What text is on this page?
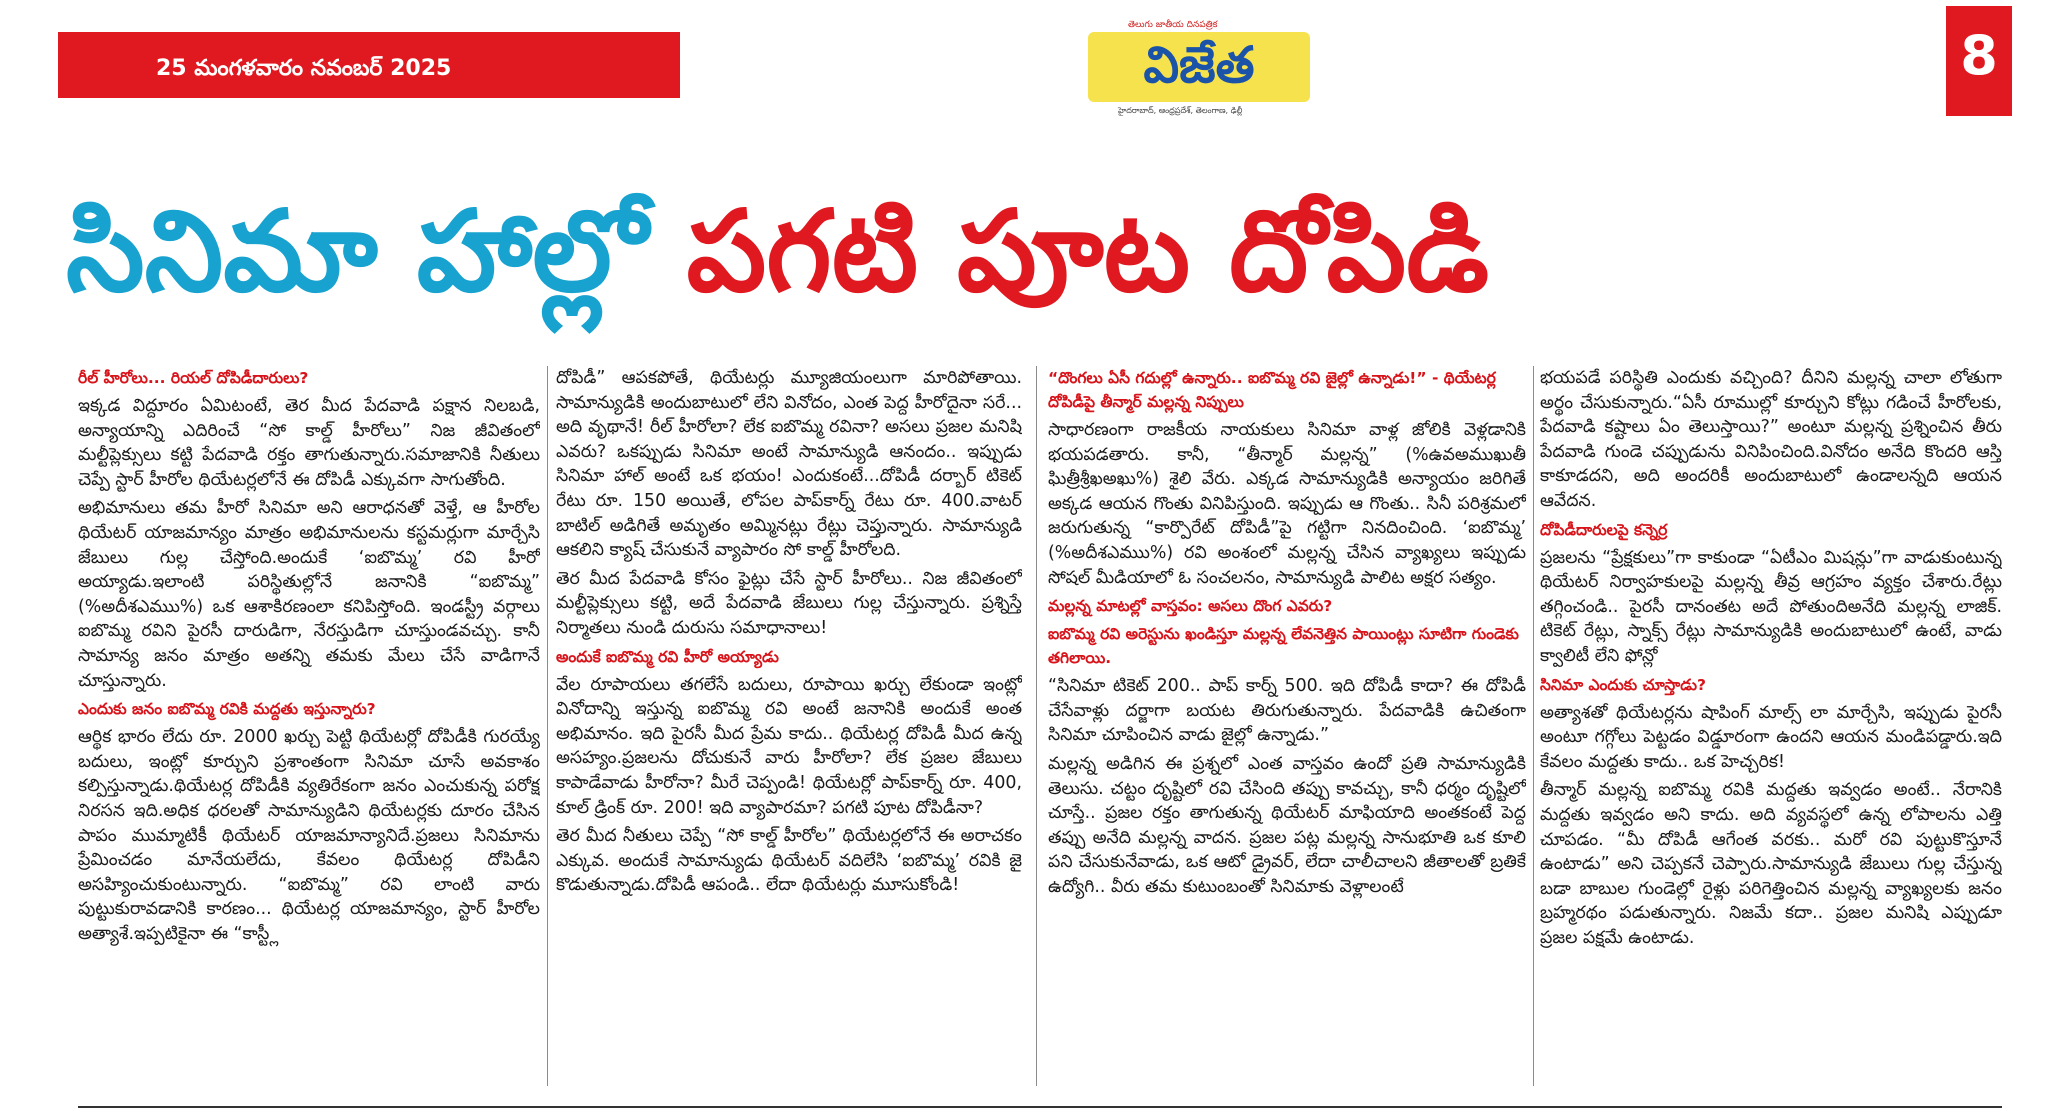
25 మంగళవారం నవంబర్ 2025
తెలుగు జాతీయ దినపత్రిక
విజేత
హైదరాబాద్, ఆంధ్రప్రదేశ్, తెలంగాణ, ఢిల్లీ
8
సినిమా హాల్లో పగటి పూట దోపిడి
రీల్ హీరోలు... రియల్ దోపిడీదారులు?

ఇక్కడ విద్దూరం ఏమిటంటే, తెర మీద పేదవాడి పక్షాన నిలబడి, అన్యాయాన్ని ఎదిరించే “సో కాల్డ్ హీరోలు” నిజ జీవితంలో మల్టీప్లెక్సులు కట్టి పేదవాడి రక్తం తాగుతున్నారు.సమాజానికి నీతులు చెప్పే స్టార్ హీరోల థియేటర్లలోనే ఈ దోపిడీ ఎక్కువగా సాగుతోంది.

అభిమానులు తమ హీరో సినిమా అని ఆరాధనతో వెళ్తే, ఆ హీరోల థియేటర్ యాజమాన్యం మాత్రం అభిమానులను కస్టమర్లుగా మార్చేసి జేబులు గుల్ల చేస్తోంది.అందుకే ‘ఐబొమ్మ’ రవి హీరో అయ్యాడు.ఇలాంటి పరిస్థితుల్లోనే జనానికి “ఐబొమ్మ” (%అదీశఎముు%) ఒక ఆశాకిరణంలా కనిపిస్తోంది. ఇండస్ట్రీ వర్గాలు ఐబొమ్మ రవిని పైరసీ దారుడిగా, నేరస్తుడిగా చూస్తుండవచ్చు. కానీ సామాన్య జనం మాత్రం అతన్ని తమకు మేలు చేసే వాడిగానే చూస్తున్నారు.

ఎందుకు జనం ఐబొమ్మ రవికి మద్దతు ఇస్తున్నారు?

ఆర్థిక భారం లేదు రూ. 2000 ఖర్చు పెట్టి థియేటర్లో దోపిడీకి గురయ్యే బదులు, ఇంట్లో కూర్చుని ప్రశాంతంగా సినిమా చూసే అవకాశం కల్పిస్తున్నాడు.థియేటర్ల దోపిడీకి వ్యతిరేకంగా జనం ఎంచుకున్న పరోక్ష నిరసన ఇది.అధిక ధరలతో సామాన్యుడిని థియేటర్లకు దూరం చేసిన పాపం ముమ్మాటికీ థియేటర్ యాజమాన్యానిదే.ప్రజలు సినిమాను ప్రేమించడం మానేయలేదు, కేవలం థియేటర్ల దోపిడీని అసహ్యించుకుంటున్నారు. “ఐబొమ్మ” రవి లాంటి వారు పుట్టుకురావడానికి కారణం... థియేటర్ల యాజమాన్యం, స్టార్ హీరోల అత్యాశే.ఇప్పటికైనా ఈ “కాస్ట్లీ

దోపిడీ” ఆపకపోతే, థియేటర్లు మ్యూజియంలుగా మారిపోతాయి. సామాన్యుడికి అందుబాటులో లేని వినోదం, ఎంత పెద్ద హీరోదైనా సరే... అది వృథానే! రీల్ హీరోలా? లేక ఐబొమ్మ రవినా? అసలు ప్రజల మనిషి ఎవరు? ఒకప్పుడు సినిమా అంటే సామాన్యుడి ఆనందం.. ఇప్పుడు సినిమా హాల్ అంటే ఒక భయం! ఎందుకంటే...దోపిడీ దర్బార్ టికెట్ రేటు రూ. 150 అయితే, లోపల పాప్‌కార్న్ రేటు రూ. 400.వాటర్ బాటిల్ అడిగితే అమృతం అమ్మినట్లు రేట్లు చెప్తున్నారు. సామాన్యుడి ఆకలిని క్యాష్ చేసుకునే వ్యాపారం సో కాల్డ్ హీరోలది.

తెర మీద పేదవాడి కోసం ఫైట్లు చేసే స్టార్ హీరోలు.. నిజ జీవితంలో మల్టీప్లెక్సులు కట్టి, అదే పేదవాడి జేబులు గుల్ల చేస్తున్నారు. ప్రశ్నిస్తే నిర్మాతలు నుండి దురుసు సమాధానాలు!

అందుకే ఐబొమ్మ రవి హీరో అయ్యాడు

వేల రూపాయలు తగలేసే బదులు, రూపాయి ఖర్చు లేకుండా ఇంట్లో వినోదాన్ని ఇస్తున్న ఐబొమ్మ రవి అంటే జనానికి అందుకే అంత అభిమానం. ఇది పైరసీ మీద ప్రేమ కాదు.. థియేటర్ల దోపిడీ మీద ఉన్న అసహ్యం.ప్రజలను దోచుకునే వారు హీరోలా? లేక ప్రజల జేబులు కాపాడేవాడు హీరోనా? మీరే చెప్పండి! థియేటర్లో పాప్‌కార్న్ రూ. 400, కూల్ డ్రింక్ రూ. 200! ఇది వ్యాపారమా? పగటి పూట దోపిడీనా?

తెర మీద నీతులు చెప్పే “సో కాల్డ్ హీరోల” థియేటర్లలోనే ఈ అరాచకం ఎక్కువ. అందుకే సామాన్యుడు థియేటర్ వదిలేసి ‘ఐబొమ్మ’ రవికి జై కొడుతున్నాడు.దోపిడీ ఆపండి.. లేదా థియేటర్లు మూసుకోండి!

“దొంగలు ఏసీ గదుల్లో ఉన్నారు.. ఐబొమ్మ రవి జైల్లో ఉన్నాడు!” - థియేటర్ల దోపిడీపై తీన్మార్ మల్లన్న నిప్పులు

సాధారణంగా రాజకీయ నాయకులు సినిమా వాళ్ల జోలికి వెళ్లడానికి భయపడతారు. కానీ, “తీన్మార్ మల్లన్న” (%ఉవఅముఖుతీ ఘిత్రీశ్రీఖఅఖు%) శైలి వేరు. ఎక్కడ సామాన్యుడికి అన్యాయం జరిగితే అక్కడ ఆయన గొంతు వినిపిస్తుంది. ఇప్పుడు ఆ గొంతు.. సినీ పరిశ్రమలో జరుగుతున్న “కార్పొరేట్ దోపిడీ”పై గట్టిగా నినదించింది. ‘ఐబొమ్మ’ (%అదీశఎముు%) రవి అంశంలో మల్లన్న చేసిన వ్యాఖ్యలు ఇప్పుడు సోషల్ మీడియాలో ఓ సంచలనం, సామాన్యుడి పాలిట అక్షర సత్యం.

మల్లన్న మాటల్లో వాస్తవం: అసలు దొంగ ఎవరు?
ఐబొమ్మ రవి అరెస్టును ఖండిస్తూ మల్లన్న లేవనెత్తిన పాయింట్లు సూటిగా గుండెకు తగిలాయి.

“సినిమా టికెట్ 200.. పాప్ కార్న్ 500. ఇది దోపిడీ కాదా? ఈ దోపిడీ చేసేవాళ్లు దర్జాగా బయట తిరుగుతున్నారు. పేదవాడికి ఉచితంగా సినిమా చూపించిన వాడు జైల్లో ఉన్నాడు.”

మల్లన్న అడిగిన ఈ ప్రశ్నలో ఎంత వాస్తవం ఉందో ప్రతి సామాన్యుడికి తెలుసు. చట్టం దృష్టిలో రవి చేసింది తప్పు కావచ్చు, కానీ ధర్మం దృష్టిలో చూస్తే.. ప్రజల రక్తం తాగుతున్న థియేటర్ మాఫియాది అంతకంటే పెద్ద తప్పు అనేది మల్లన్న వాదన. ప్రజల పట్ల మల్లన్న సానుభూతి ఒక కూలి పని చేసుకునేవాడు, ఒక ఆటో డ్రైవర్, లేదా చాలీచాలని జీతాలతో బ్రతికే ఉద్యోగి.. వీరు తమ కుటుంబంతో సినిమాకు వెళ్లాలంటే

భయపడే పరిస్థితి ఎందుకు వచ్చింది? దీనిని మల్లన్న చాలా లోతుగా అర్థం చేసుకున్నారు.“ఏసీ రూముల్లో కూర్చుని కోట్లు గడించే హీరోలకు, పేదవాడి కష్టాలు ఏం తెలుస్తాయి?” అంటూ మల్లన్న ప్రశ్నించిన తీరు పేదవాడి గుండె చప్పుడును వినిపించింది.వినోదం అనేది కొందరి ఆస్తి కాకూడదని, అది అందరికీ అందుబాటులో ఉండాలన్నది ఆయన ఆవేదన.

దోపిడీదారులపై కన్నెర్ర

ప్రజలను “ప్రేక్షకులు”గా కాకుండా “ఏటీఎం మిషన్లు”గా వాడుకుంటున్న థియేటర్ నిర్వాహకులపై మల్లన్న తీవ్ర ఆగ్రహం వ్యక్తం చేశారు.రేట్లు తగ్గించండి.. పైరసీ దానంతట అదే పోతుందిఅనేది మల్లన్న లాజిక్. టికెట్ రేట్లు, స్నాక్స్ రేట్లు సామాన్యుడికి అందుబాటులో ఉంటే, వాడు క్వాలిటీ లేని ఫోన్లో

సినిమా ఎందుకు చూస్తాడు?

అత్యాశతో థియేటర్లను షాపింగ్ మాల్స్ లా మార్చేసి, ఇప్పుడు పైరసీ అంటూ గగ్గోలు పెట్టడం విడ్డూరంగా ఉందని ఆయన మండిపడ్డారు.ఇది కేవలం మద్దతు కాదు.. ఒక హెచ్చరిక!

తీన్మార్ మల్లన్న ఐబొమ్మ రవికి మద్దతు ఇవ్వడం అంటే.. నేరానికి మద్దతు ఇవ్వడం అని కాదు. అది వ్యవస్థలో ఉన్న లోపాలను ఎత్తి చూపడం. “మీ దోపిడీ ఆగేంత వరకు.. మరో రవి పుట్టుకొస్తూనే ఉంటాడు” అని చెప్పకనే చెప్పారు.సామాన్యుడి జేబులు గుల్ల చేస్తున్న బడా బాబుల గుండెల్లో రైళ్లు పరిగెత్తించిన మల్లన్న వ్యాఖ్యలకు జనం బ్రహ్మరథం పడుతున్నారు. నిజమే కదా.. ప్రజల మనిషి ఎప్పుడూ ప్రజల పక్షమే ఉంటాడు.
